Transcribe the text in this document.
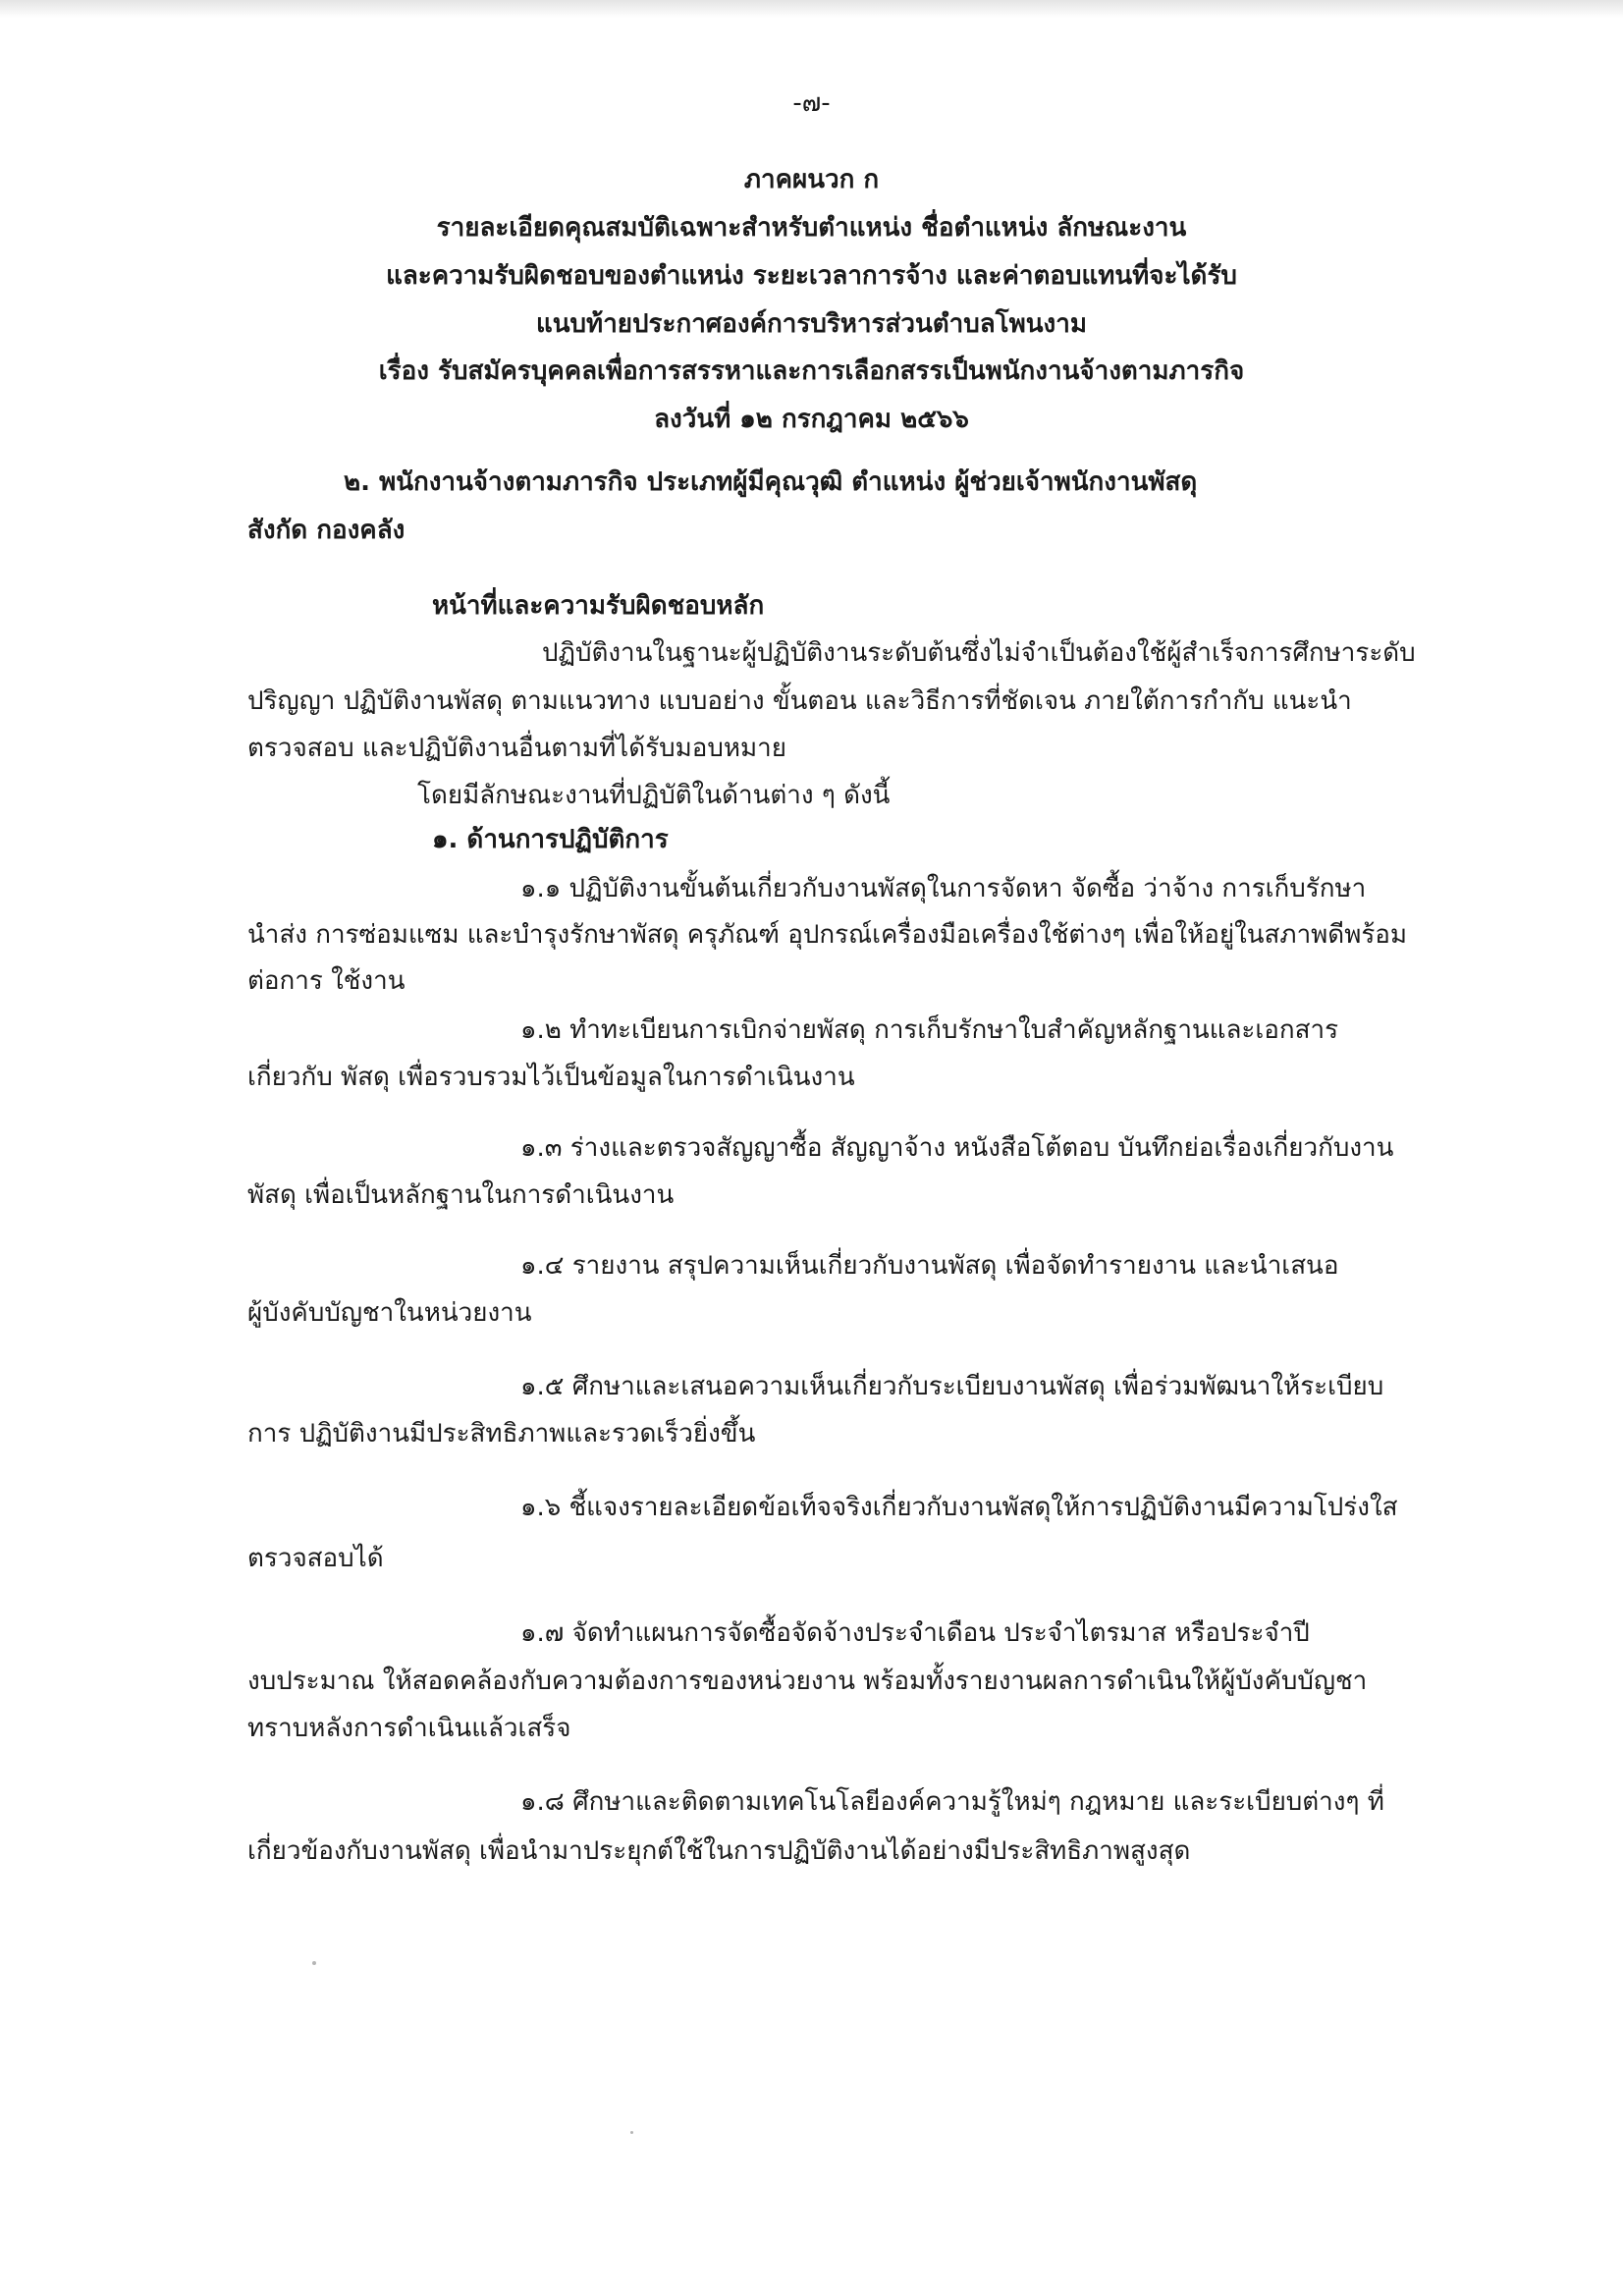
-๗-
ภาคผนวก ก
รายละเอียดคุณสมบัติเฉพาะสำหรับตำแหน่ง ชื่อตำแหน่ง ลักษณะงาน
และความรับผิดชอบของตำแหน่ง ระยะเวลาการจ้าง และค่าตอบแทนที่จะได้รับ
แนบท้ายประกาศองค์การบริหารส่วนตำบลโพนงาม
เรื่อง รับสมัครบุคคลเพื่อการสรรหาและการเลือกสรรเป็นพนักงานจ้างตามภารกิจ
ลงวันที่ ๑๒ กรกฎาคม ๒๕๖๖
๒. พนักงานจ้างตามภารกิจ ประเภทผู้มีคุณวุฒิ ตำแหน่ง ผู้ช่วยเจ้าพนักงานพัสดุ
สังกัด กองคลัง
หน้าที่และความรับผิดชอบหลัก
ปฏิบัติงานในฐานะผู้ปฏิบัติงานระดับต้นซึ่งไม่จำเป็นต้องใช้ผู้สำเร็จการศึกษาระดับ
ปริญญา ปฏิบัติงานพัสดุ ตามแนวทาง แบบอย่าง ขั้นตอน และวิธีการที่ชัดเจน ภายใต้การกำกับ แนะนำ
ตรวจสอบ และปฏิบัติงานอื่นตามที่ได้รับมอบหมาย
โดยมีลักษณะงานที่ปฏิบัติในด้านต่าง ๆ ดังนี้
๑. ด้านการปฏิบัติการ
๑.๑ ปฏิบัติงานขั้นต้นเกี่ยวกับงานพัสดุในการจัดหา จัดซื้อ ว่าจ้าง การเก็บรักษา
นำส่ง การซ่อมแซม และบำรุงรักษาพัสดุ ครุภัณฑ์ อุปกรณ์เครื่องมือเครื่องใช้ต่างๆ เพื่อให้อยู่ในสภาพดีพร้อม
ต่อการ ใช้งาน
๑.๒ ทำทะเบียนการเบิกจ่ายพัสดุ การเก็บรักษาใบสำคัญหลักฐานและเอกสาร
เกี่ยวกับ พัสดุ เพื่อรวบรวมไว้เป็นข้อมูลในการดำเนินงาน
๑.๓ ร่างและตรวจสัญญาซื้อ สัญญาจ้าง หนังสือโต้ตอบ บันทึกย่อเรื่องเกี่ยวกับงาน
พัสดุ เพื่อเป็นหลักฐานในการดำเนินงาน
๑.๔ รายงาน สรุปความเห็นเกี่ยวกับงานพัสดุ เพื่อจัดทำรายงาน และนำเสนอ
ผู้บังคับบัญชาในหน่วยงาน
๑.๕ ศึกษาและเสนอความเห็นเกี่ยวกับระเบียบงานพัสดุ เพื่อร่วมพัฒนาให้ระเบียบ
การ ปฏิบัติงานมีประสิทธิภาพและรวดเร็วยิ่งขึ้น
๑.๖ ชี้แจงรายละเอียดข้อเท็จจริงเกี่ยวกับงานพัสดุให้การปฏิบัติงานมีความโปร่งใส
ตรวจสอบได้
๑.๗ จัดทำแผนการจัดซื้อจัดจ้างประจำเดือน ประจำไตรมาส หรือประจำปี
งบประมาณ ให้สอดคล้องกับความต้องการของหน่วยงาน พร้อมทั้งรายงานผลการดำเนินให้ผู้บังคับบัญชา
ทราบหลังการดำเนินแล้วเสร็จ
๑.๘ ศึกษาและติดตามเทคโนโลยีองค์ความรู้ใหม่ๆ กฎหมาย และระเบียบต่างๆ ที่
เกี่ยวข้องกับงานพัสดุ เพื่อนำมาประยุกต์ใช้ในการปฏิบัติงานได้อย่างมีประสิทธิภาพสูงสุด
